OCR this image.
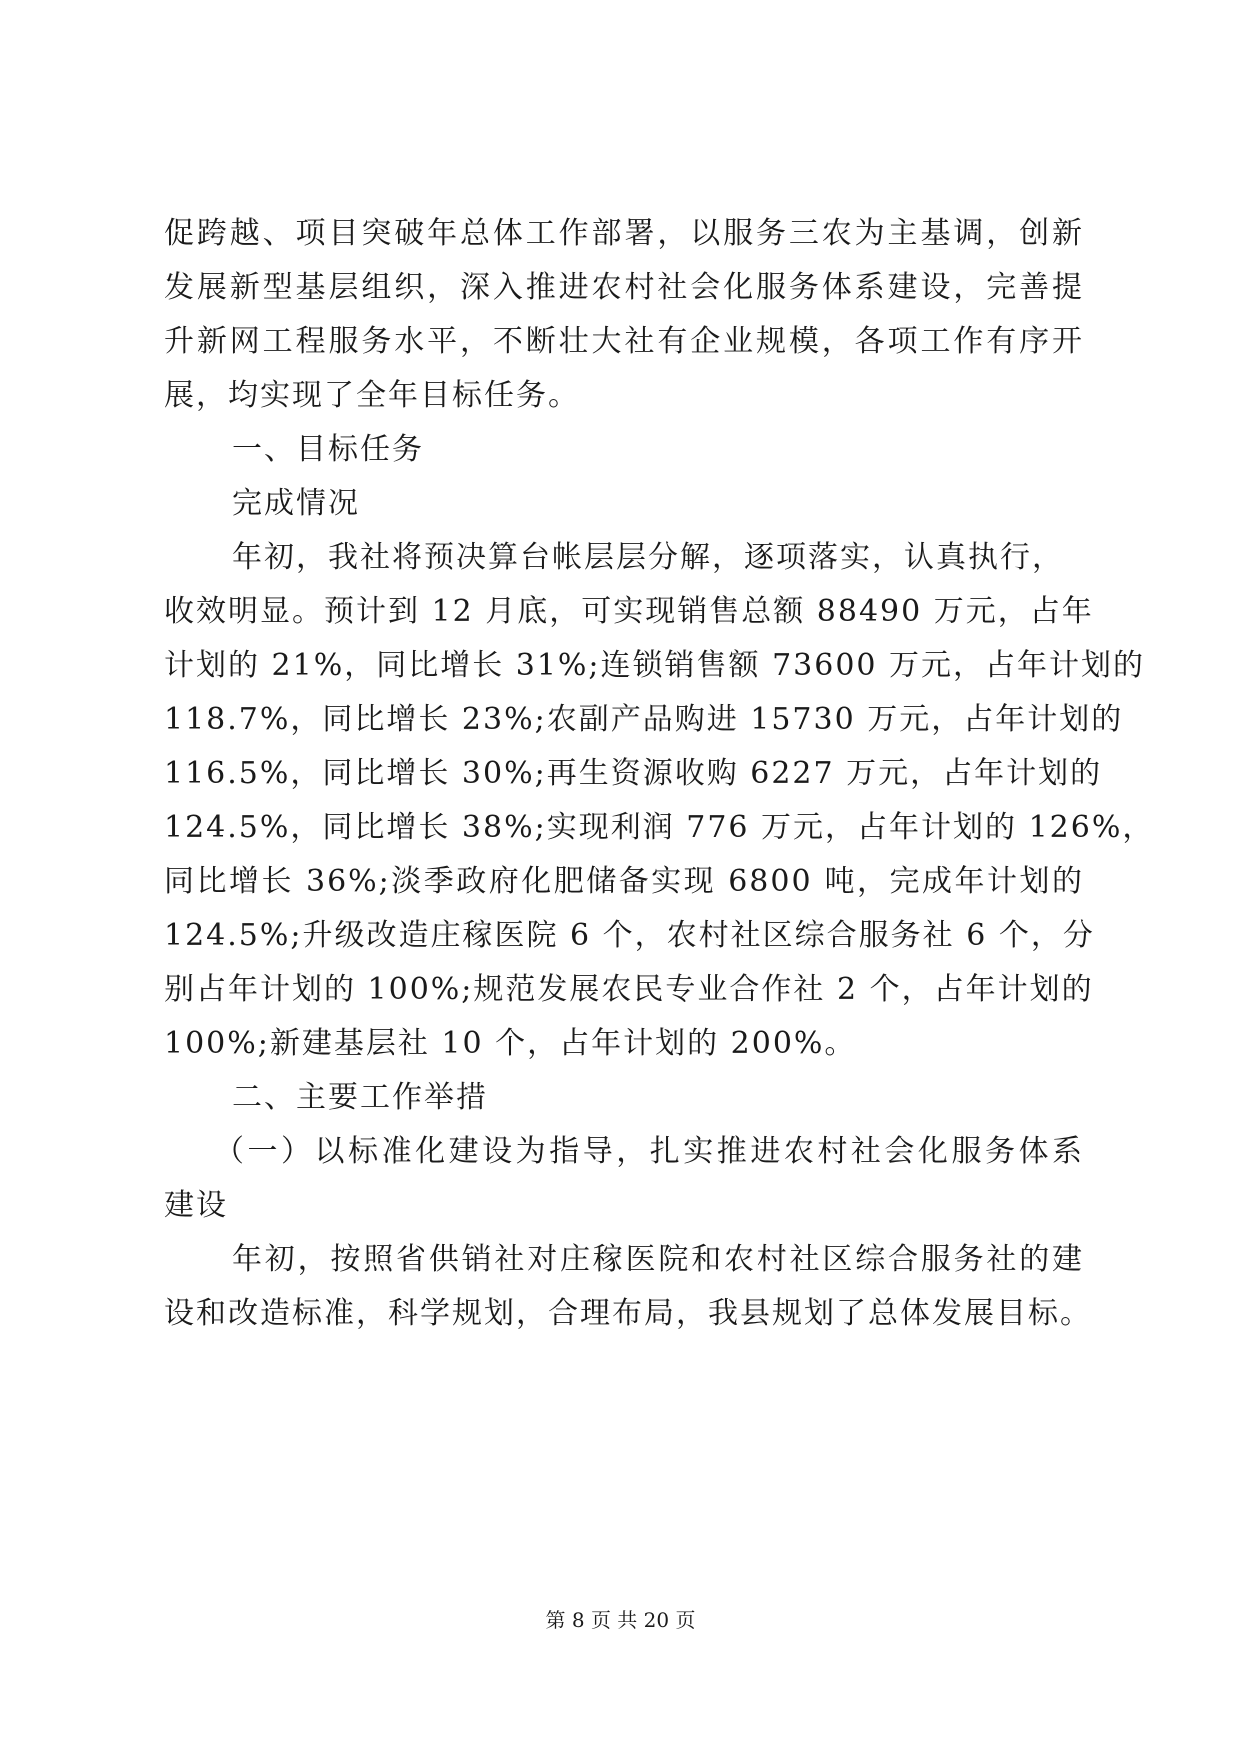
促跨越、项目突破年总体工作部署，以服务三农为主基调，创新
发展新型基层组织，深入推进农村社会化服务体系建设，完善提
升新网工程服务水平，不断壮大社有企业规模，各项工作有序开
展，均实现了全年目标任务。
一、目标任务
完成情况
年初，我社将预决算台帐层层分解，逐项落实，认真执行，
收效明显。预计到 12 月底，可实现销售总额 88490 万元，占年
计划的 21%，同比增长 31%;连锁销售额 73600 万元，占年计划的
118.7%，同比增长 23%;农副产品购进 15730 万元，占年计划的
116.5%，同比增长 30%;再生资源收购 6227 万元，占年计划的
124.5%，同比增长 38%;实现利润 776 万元，占年计划的 126%，
同比增长 36%;淡季政府化肥储备实现 6800 吨，完成年计划的
124.5%;升级改造庄稼医院 6 个，农村社区综合服务社 6 个，分
别占年计划的 100%;规范发展农民专业合作社 2 个，占年计划的
100%;新建基层社 10 个，占年计划的 200%。
二、主要工作举措
（一）以标准化建设为指导，扎实推进农村社会化服务体系
建设
年初，按照省供销社对庄稼医院和农村社区综合服务社的建
设和改造标准，科学规划，合理布局，我县规划了总体发展目标。
第 8 页 共 20 页
